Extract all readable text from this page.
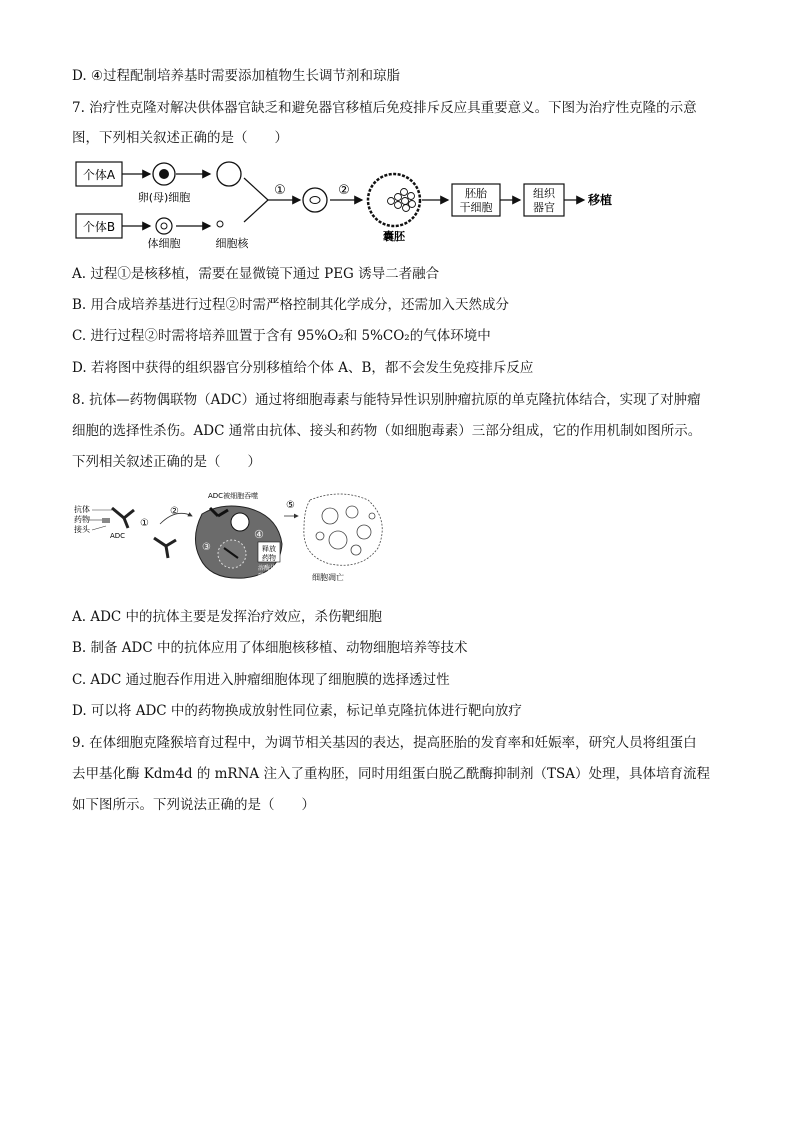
D. ④过程配制培养基时需要添加植物生长调节剂和琼脂
7. 治疗性克隆对解决供体器官缺乏和避免器官移植后免疫排斥反应具重要意义。下图为治疗性克隆的示意
图，下列相关叙述正确的是（　　）
个体A
卵(母)细胞
个体B
体细胞	细胞核
①	②
囊胚
胚胎
干细胞
组织
器官
移植
A. 过程①是核移植，需要在显微镜下通过 PEG 诱导二者融合
B. 用合成培养基进行过程②时需严格控制其化学成分，还需加入天然成分
C. 进行过程②时需将培养皿置于含有 95%O₂和 5%CO₂的气体环境中
D. 若将图中获得的组织器官分别移植给个体 A、B，都不会发生免疫排斥反应
8. 抗体—药物偶联物（ADC）通过将细胞毒素与能特异性识别肿瘤抗原的单克隆抗体结合，实现了对肿瘤
细胞的选择性杀伤。ADC 通常由抗体、接头和药物（如细胞毒素）三部分组成，它的作用机制如图所示。
下列相关叙述正确的是（　　）
抗体
药物
接头
ADC
①
②
ADC被细胞吞噬
③
④
释放
药物
溶酶体
破裂
⑤
细胞凋亡
A. ADC 中的抗体主要是发挥治疗效应，杀伤靶细胞
B. 制备 ADC 中的抗体应用了体细胞核移植、动物细胞培养等技术
C. ADC 通过胞吞作用进入肿瘤细胞体现了细胞膜的选择透过性
D. 可以将 ADC 中的药物换成放射性同位素，标记单克隆抗体进行靶向放疗
9. 在体细胞克隆猴培育过程中，为调节相关基因的表达，提高胚胎的发育率和妊娠率，研究人员将组蛋白
去甲基化酶 Kdm4d 的 mRNA 注入了重构胚，同时用组蛋白脱乙酰酶抑制剂（TSA）处理，具体培育流程
如下图所示。下列说法正确的是（　　）
